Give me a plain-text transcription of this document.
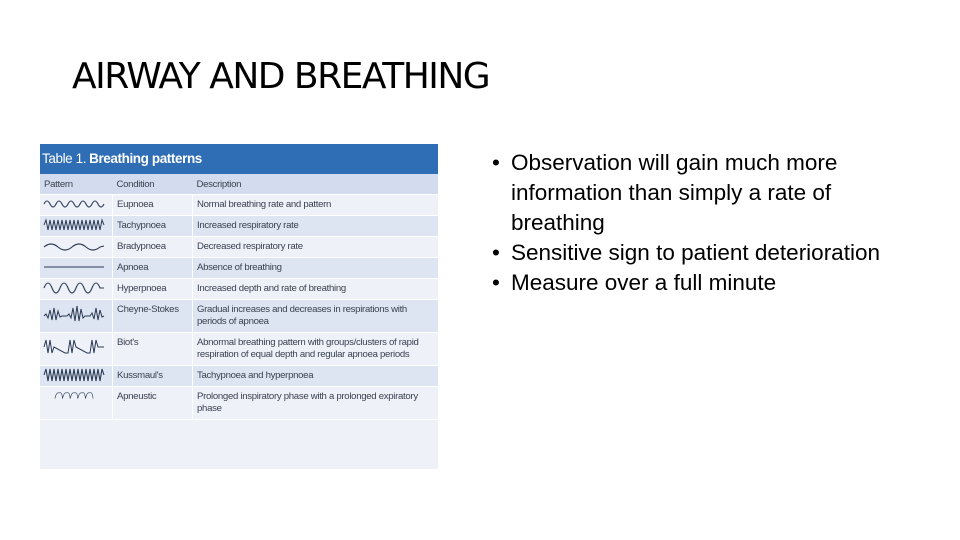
AIRWAY AND BREATHING
Table 1. Breathing patterns
Pattern	Condition	Description

	Eupnoea	Normal breathing rate and pattern

	Tachypnoea	Increased respiratory rate

	Bradypnoea	Decreased respiratory rate

	Apnoea	Absence of breathing

	Hyperpnoea	Increased depth and rate of breathing

	Cheyne-Stokes	Gradual increases and decreases in respirations with periods of apnoea

	Biot's	Abnormal breathing pattern with groups/clusters of rapid respiration of equal depth and regular apnoea periods

	Kussmaul's	Tachypnoea and hyperpnoea

	Apneustic	Prolonged inspiratory phase with a prolonged expiratory phase
• Observation will gain much more information than simply a rate of breathing
• Sensitive sign to patient deterioration
• Measure over a full minute
